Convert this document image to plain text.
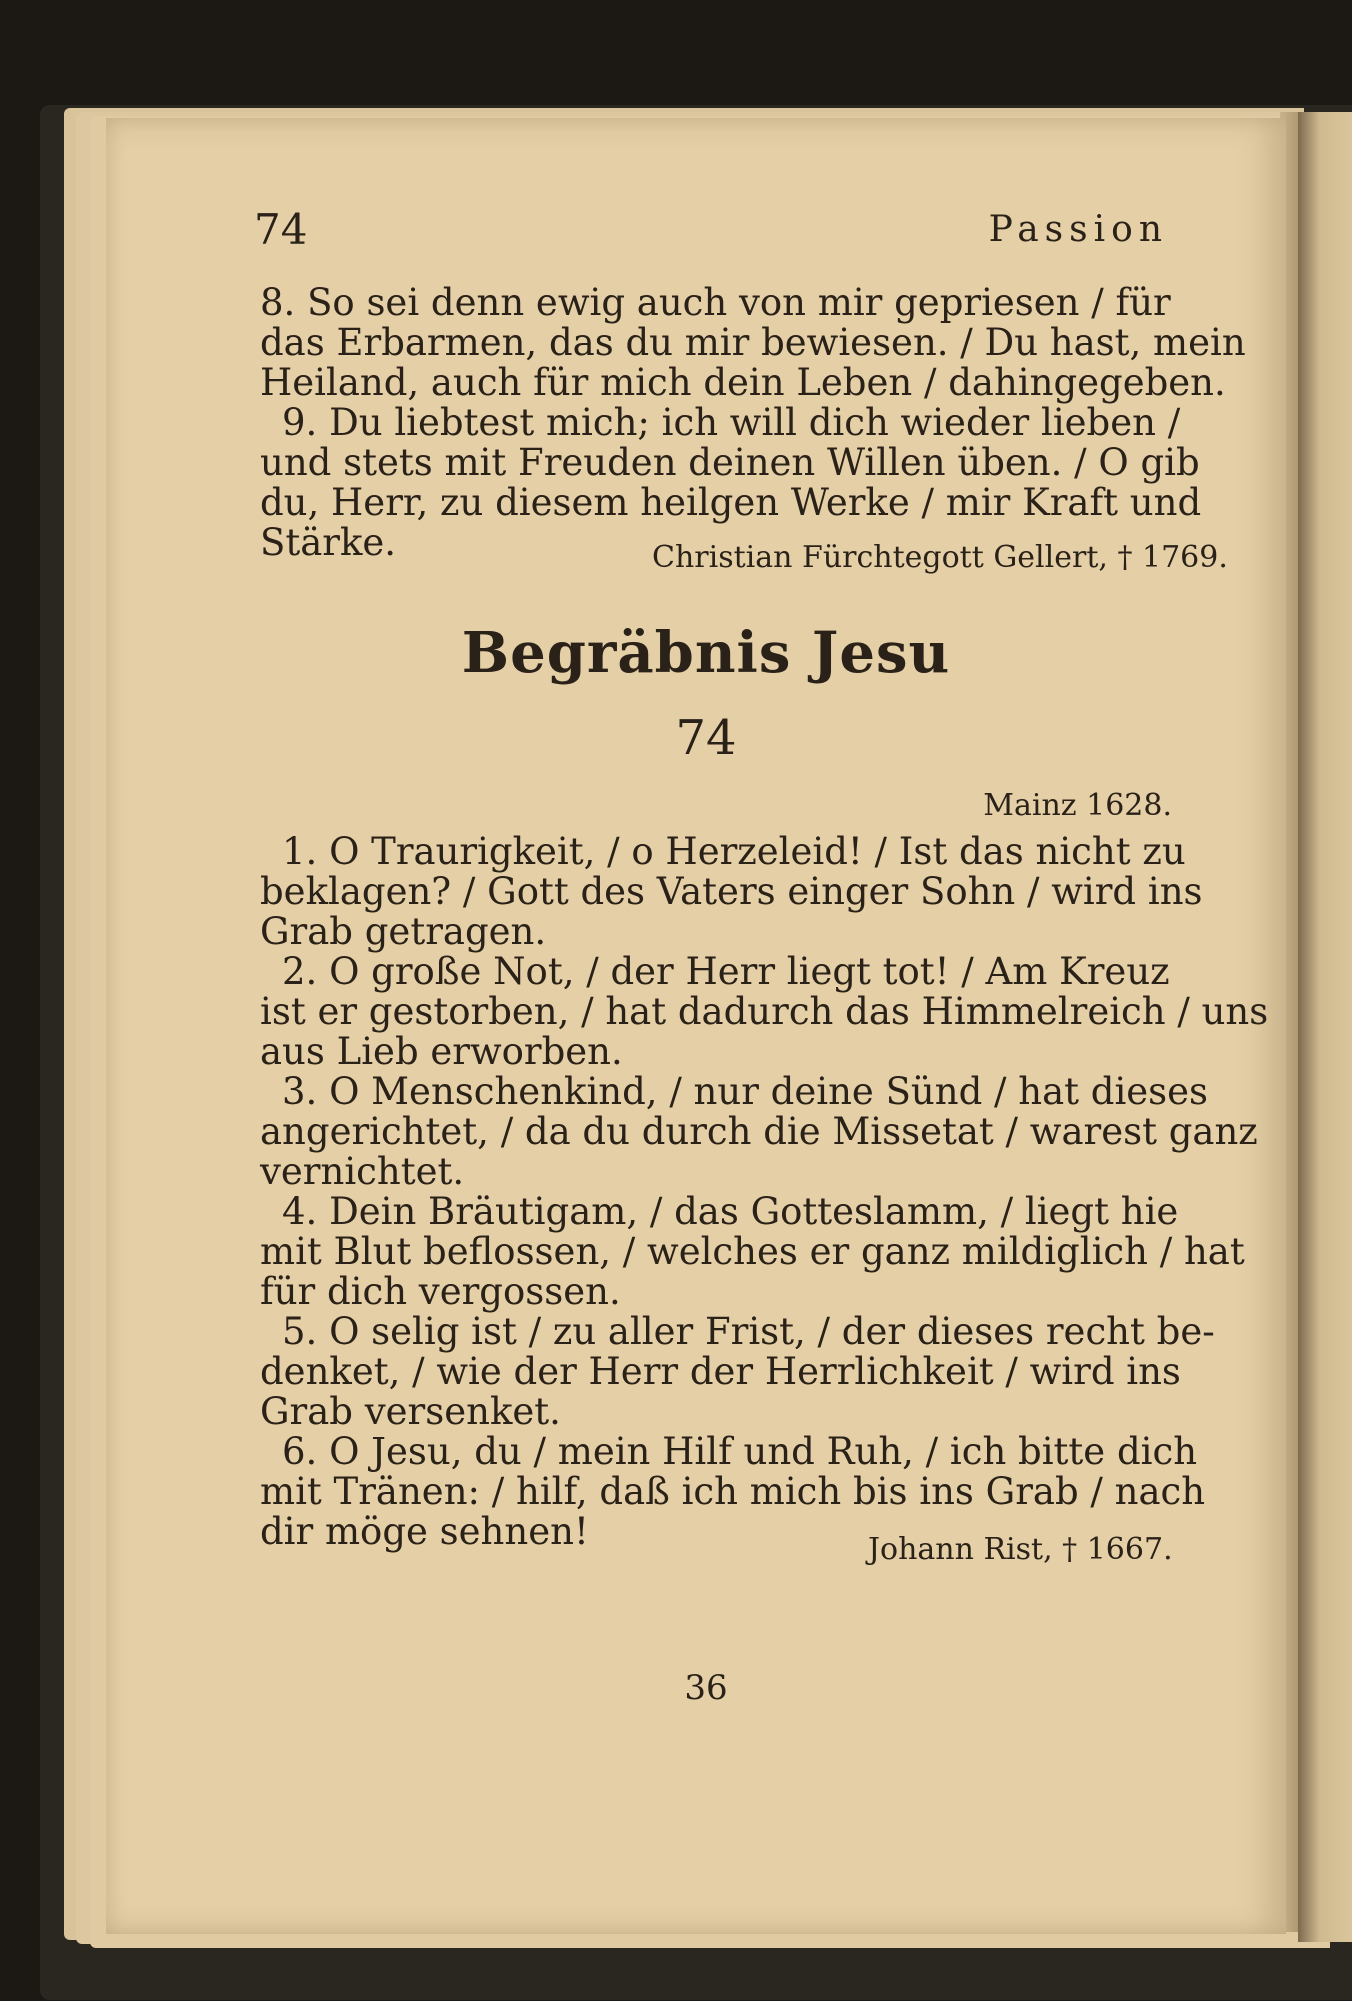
74	Passion
8. So sei denn ewig auch von mir gepriesen / für
das Erbarmen, das du mir bewiesen. / Du hast, mein
Heiland, auch für mich dein Leben / dahingegeben.
9. Du liebtest mich; ich will dich wieder lieben /
und stets mit Freuden deinen Willen üben. / O gib
du, Herr, zu diesem heilgen Werke / mir Kraft und
Stärke.	Christian Fürchtegott Gellert, † 1769.
Begräbnis Jesu
74
Mainz 1628.
1. O Traurigkeit, / o Herzeleid! / Ist das nicht zu
beklagen? / Gott des Vaters einger Sohn / wird ins
Grab getragen.
2. O große Not, / der Herr liegt tot! / Am Kreuz
ist er gestorben, / hat dadurch das Himmelreich / uns
aus Lieb erworben.
3. O Menschenkind, / nur deine Sünd / hat dieses
angerichtet, / da du durch die Missetat / warest ganz
vernichtet.
4. Dein Bräutigam, / das Gotteslamm, / liegt hie
mit Blut beflossen, / welches er ganz mildiglich / hat
für dich vergossen.
5. O selig ist / zu aller Frist, / der dieses recht be-
denket, / wie der Herr der Herrlichkeit / wird ins
Grab versenket.
6. O Jesu, du / mein Hilf und Ruh, / ich bitte dich
mit Tränen: / hilf, daß ich mich bis ins Grab / nach
dir möge sehnen!	Johann Rist, † 1667.
36
